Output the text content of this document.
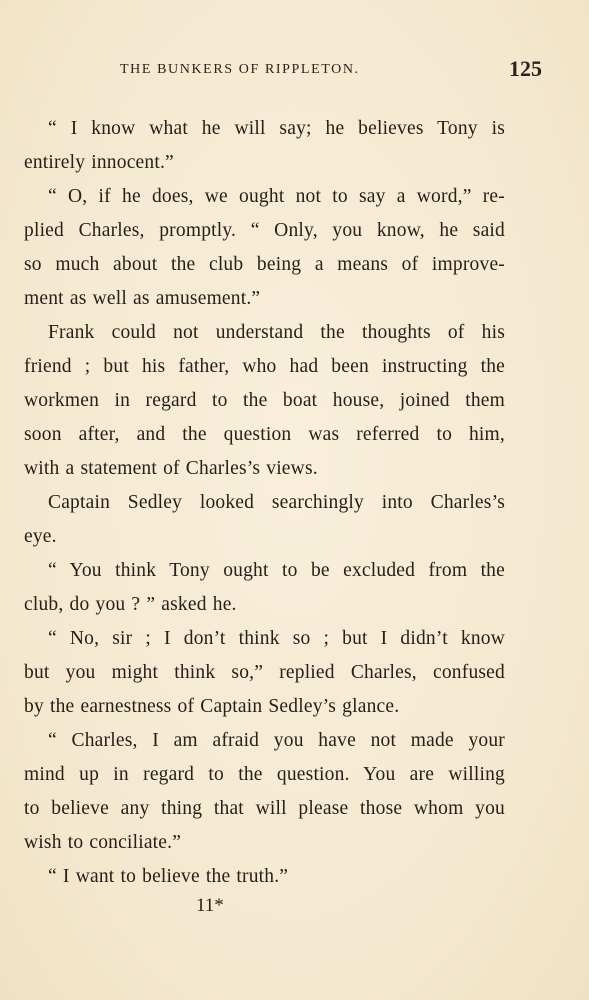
THE BUNKERS OF RIPPLETON.	125
“ I know what he will say; he believes Tony is
entirely innocent.”
“ O, if he does, we ought not to say a word,” re-
plied Charles, promptly. “ Only, you know, he said
so much about the club being a means of improve-
ment as well as amusement.”
Frank could not understand the thoughts of his
friend ; but his father, who had been instructing the
workmen in regard to the boat house, joined them
soon after, and the question was referred to him,
with a statement of Charles’s views.
Captain Sedley looked searchingly into Charles’s
eye.
“ You think Tony ought to be excluded from the
club, do you ? ” asked he.
“ No, sir ; I don’t think so ; but I didn’t know
but you might think so,” replied Charles, confused
by the earnestness of Captain Sedley’s glance.
“ Charles, I am afraid you have not made your
mind up in regard to the question. You are willing
to believe any thing that will please those whom you
wish to conciliate.”
“ I want to believe the truth.”
11*
